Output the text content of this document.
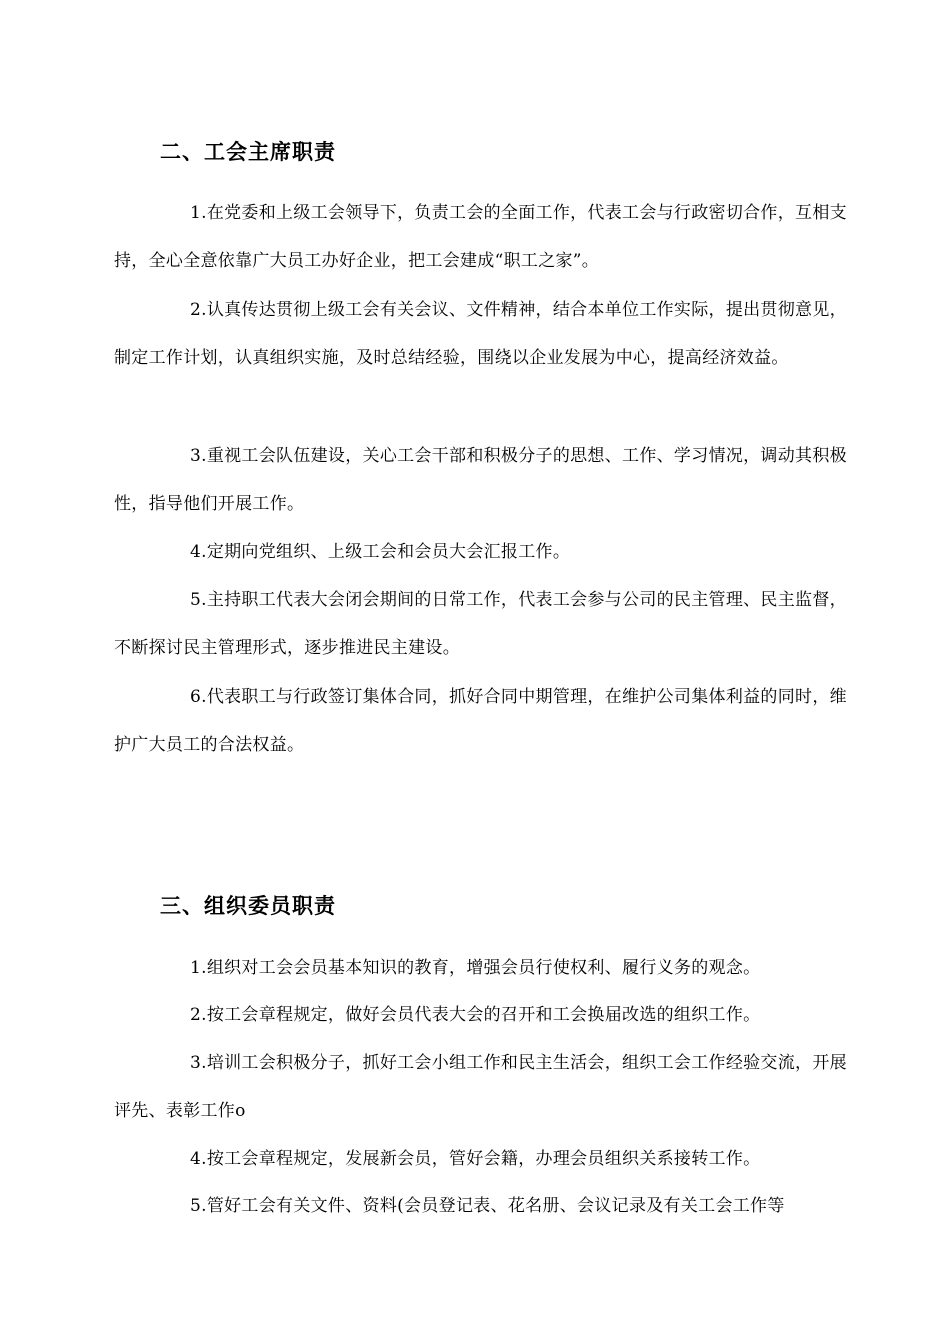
二、工会主席职责

1.在党委和上级工会领导下，负责工会的全面工作，代表工会与行政密切合作，互相支持，全心全意依靠广大员工办好企业，把工会建成“职工之家”。

2.认真传达贯彻上级工会有关会议、文件精神，结合本单位工作实际，提出贯彻意见，制定工作计划，认真组织实施，及时总结经验，围绕以企业发展为中心，提高经济效益。

3.重视工会队伍建设，关心工会干部和积极分子的思想、工作、学习情况，调动其积极性，指导他们开展工作。

4.定期向党组织、上级工会和会员大会汇报工作。

5.主持职工代表大会闭会期间的日常工作，代表工会参与公司的民主管理、民主监督，不断探讨民主管理形式，逐步推进民主建设。

6.代表职工与行政签订集体合同，抓好合同中期管理，在维护公司集体利益的同时，维护广大员工的合法权益。

三、组织委员职责

1.组织对工会会员基本知识的教育，增强会员行使权利、履行义务的观念。

2.按工会章程规定，做好会员代表大会的召开和工会换届改选的组织工作。

3.培训工会积极分子，抓好工会小组工作和民主生活会，组织工会工作经验交流，开展评先、表彰工作o

4.按工会章程规定，发展新会员，管好会籍，办理会员组织关系接转工作。

5.管好工会有关文件、资料(会员登记表、花名册、会议记录及有关工会工作等
